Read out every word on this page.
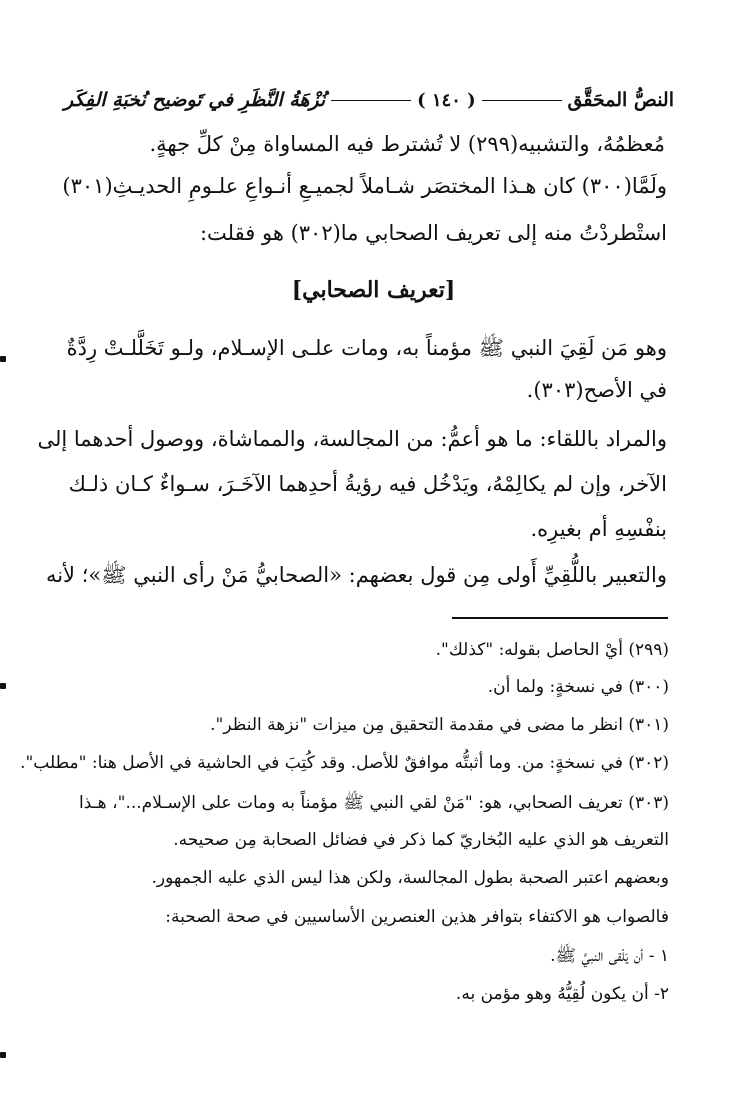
النصُّ المحَقَّق
( ١٤٠ )
نُزْهَةُ النَّظَرِ في تَوضيح نُخبَةِ الفِكَر
مُعظمُهُ، والتشبيه(٢٩٩) لا تُشترط فيه المساواة مِنْ كلِّ جهةٍ.
ولَمَّا(٣٠٠) كان هـذا المختصَر شـاملاً لجميـعِ أنـواعِ علـومِ الحديـثِ(٣٠١)
استْطردْتُ منه إلى تعريف الصحابي ما(٣٠٢) هو فقلت:
[تعريف الصحابي]
وهو مَن لَقِيَ النبي ﷺ مؤمناً به، ومات علـى الإسـلام، ولـو تَخَلَّلـتْ رِدَّةٌ
في الأصح(٣٠٣).
والمراد باللقاء: ما هو أعمُّ: من المجالسة، والمماشاة، ووصول أحدهما إلى
الآخر، وإن لم يكالِمْهُ، ويَدْخُل فيه رؤيةُ أحدِهما الآخَـرَ، سـواءٌ كـان ذلـك
بنفْسِهِ أم بغيرِه.
والتعبير باللُّقِيِّ أَولى مِن قول بعضهم: «الصحابيُّ مَنْ رأى النبي ﷺ»؛ لأنه
(٢٩٩) أيْ الحاصل بقوله: "كذلك".
(٣٠٠) في نسخةٍ: ولما أن.
(٣٠١) انظر ما مضى في مقدمة التحقيق مِن ميزات "نزهة النظر".
(٣٠٢) في نسخةٍ: من. وما أثبتُّه موافقٌ للأصل. وقد كُتِبَ في الحاشية في الأصل هنا: "مطلب".
(٣٠٣) تعريف الصحابي، هو: "مَنْ لقي النبي ﷺ مؤمناً به ومات على الإسـلام..."، هـذا
التعريف هو الذي عليه البُخاريّ كما ذكر في فضائل الصحابة مِن صحيحه.
وبعضهم اعتبر الصحبة بطول المجالسة، ولكن هذا ليس الذي عليه الجمهور.
فالصواب هو الاكتفاء بتوافر هذين العنصرين الأساسيين في صحة الصحبة:
١ - أن يَلْقى النبيَّ ﷺ.
٢- أن يكون لُقِيُّهُ وهو مؤمن به.
